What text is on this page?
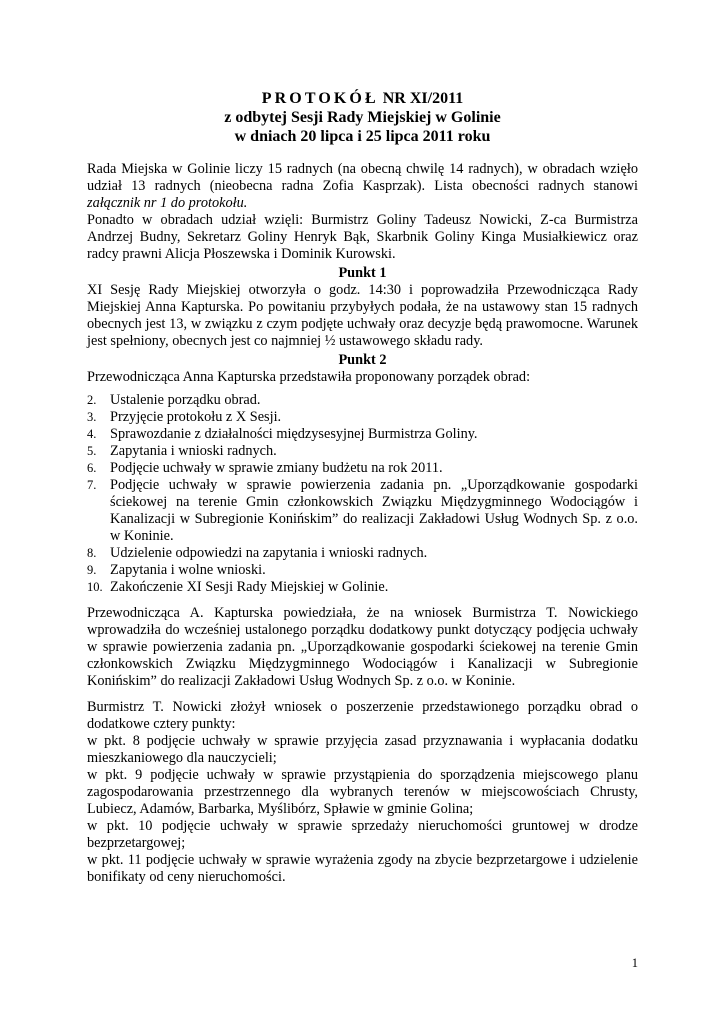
PROTOKÓŁ NR XI/2011
z odbytej Sesji Rady Miejskiej w Golinie
w dniach 20 lipca i 25 lipca 2011 roku

Rada Miejska w Golinie liczy 15 radnych (na obecną chwilę 14 radnych), w obradach wzięło udział 13 radnych (nieobecna radna Zofia Kasprzak). Lista obecności radnych stanowi załącznik nr 1 do protokołu.

Ponadto w obradach udział wzięli: Burmistrz Goliny Tadeusz Nowicki, Z-ca Burmistrza Andrzej Budny, Sekretarz Goliny Henryk Bąk, Skarbnik Goliny Kinga Musiałkiewicz oraz radcy prawni Alicja Płoszewska i Dominik Kurowski.

Punkt 1

XI Sesję Rady Miejskiej otworzyła o godz. 14:30 i poprowadziła Przewodnicząca Rady Miejskiej Anna Kapturska. Po powitaniu przybyłych podała, że na ustawowy stan 15 radnych obecnych jest 13, w związku z czym podjęte uchwały oraz decyzje będą prawomocne. Warunek jest spełniony, obecnych jest co najmniej ½ ustawowego składu rady.

Punkt 2

Przewodnicząca Anna Kapturska przedstawiła proponowany porządek obrad:

2. Ustalenie porządku obrad.
3. Przyjęcie protokołu z X Sesji.
4. Sprawozdanie z działalności międzysesyjnej Burmistrza Goliny.
5. Zapytania i wnioski radnych.
6. Podjęcie uchwały w sprawie zmiany budżetu na rok 2011.
7. Podjęcie uchwały w sprawie powierzenia zadania pn. „Uporządkowanie gospodarki ściekowej na terenie Gmin członkowskich Związku Międzygminnego Wodociągów i Kanalizacji w Subregionie Konińskim” do realizacji Zakładowi Usług Wodnych Sp. z o.o. w Koninie.
8. Udzielenie odpowiedzi na zapytania i wnioski radnych.
9. Zapytania i wolne wnioski.
10. Zakończenie XI Sesji Rady Miejskiej w Golinie.

Przewodnicząca A. Kapturska powiedziała, że na wniosek Burmistrza T. Nowickiego wprowadziła do wcześniej ustalonego porządku dodatkowy punkt dotyczący podjęcia uchwały w sprawie powierzenia zadania pn. „Uporządkowanie gospodarki ściekowej na terenie Gmin członkowskich Związku Międzygminnego Wodociągów i Kanalizacji w Subregionie Konińskim” do realizacji Zakładowi Usług Wodnych Sp. z o.o. w Koninie.

Burmistrz T. Nowicki złożył wniosek o poszerzenie przedstawionego porządku obrad o dodatkowe cztery punkty:

w pkt. 8 podjęcie uchwały w sprawie przyjęcia zasad przyznawania i wypłacania dodatku mieszkaniowego dla nauczycieli;

w pkt. 9 podjęcie uchwały w sprawie przystąpienia do sporządzenia miejscowego planu zagospodarowania przestrzennego dla wybranych terenów w miejscowościach Chrusty, Lubiecz, Adamów, Barbarka, Myślibórz, Spławie w gminie Golina;

w pkt. 10 podjęcie uchwały w sprawie sprzedaży nieruchomości gruntowej w drodze bezprzetargowej;

w pkt. 11 podjęcie uchwały w sprawie wyrażenia zgody na zbycie bezprzetargowe i udzielenie bonifikaty od ceny nieruchomości.

1
